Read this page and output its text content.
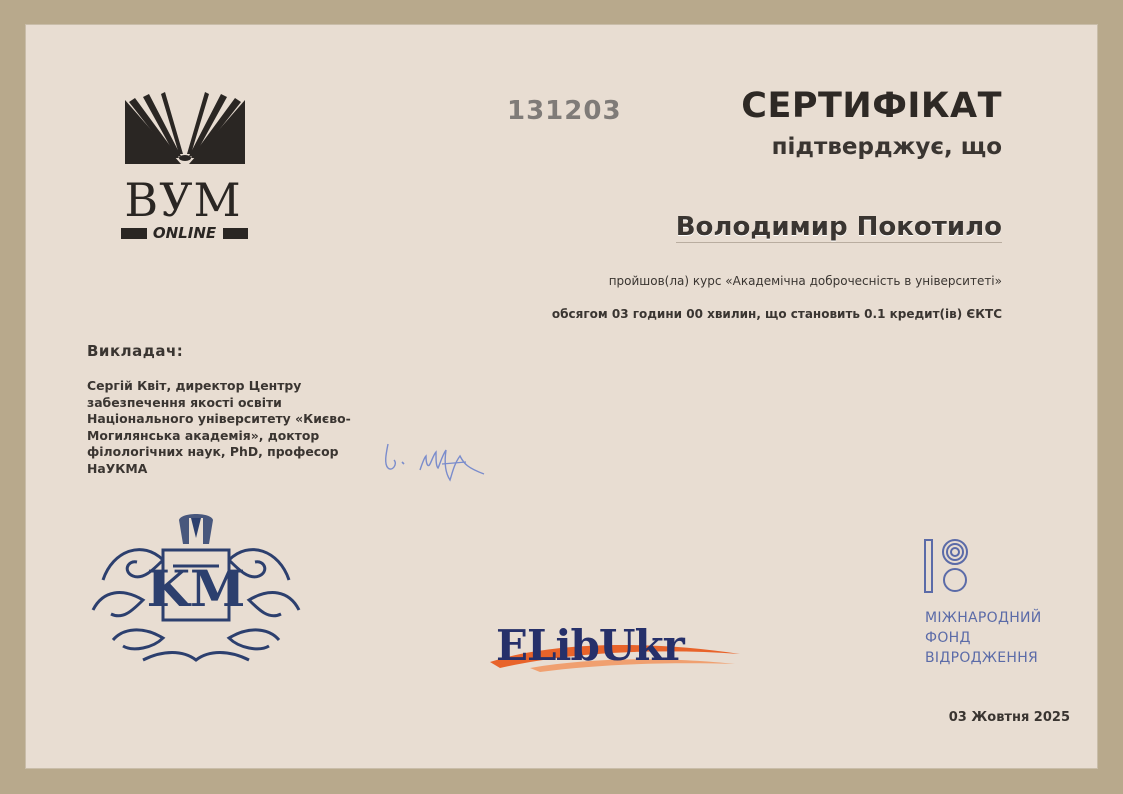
ВУМ
ONLINE
131203	СЕРТИФІКАТ
підтверджує, що
Володимир Покотило
пройшов(ла) курс «Академічна доброчесність в університеті»
обсягом 03 години 00 хвилин, що становить 0.1 кредит(ів) ЄКТС
Викладач:
Сергій Квіт, директор Центру забезпечення якості освіти Національного університету «Києво-Могилянська академія», доктор філологічних наук, PhD, професор НаУКМА
KM
ELibUkr
МІЖНАРОДНИЙ
ФОНД
ВІДРОДЖЕННЯ
03 Жовтня 2025
